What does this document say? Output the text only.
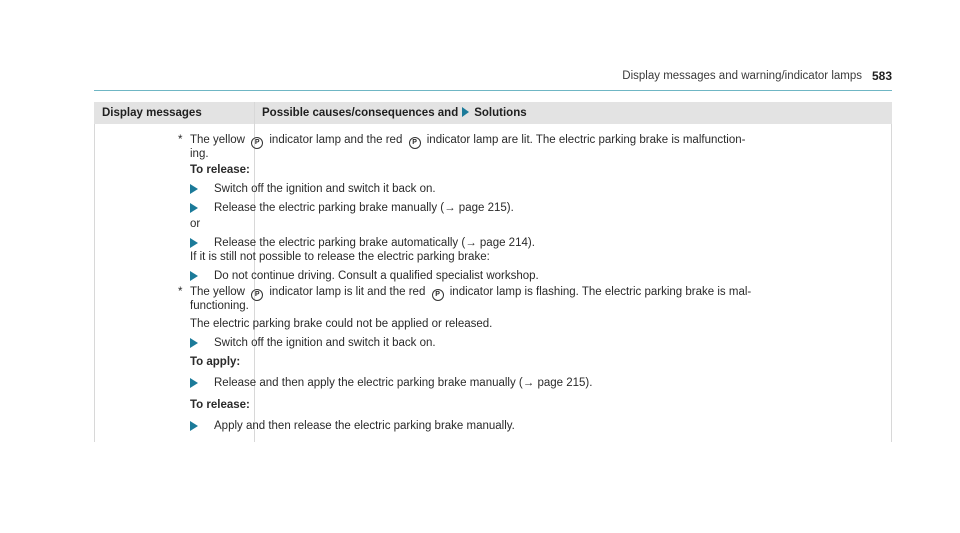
Display messages and warning/indicator lamps 583
Display messages	Possible causes/consequences and Solutions
* The yellow P indicator lamp and the red P indicator lamp are lit. The electric parking brake is malfunction-
ing.
To release:
Switch off the ignition and switch it back on.
Release the electric parking brake manually (→ page 215).
or
Release the electric parking brake automatically (→ page 214).
If it is still not possible to release the electric parking brake:
Do not continue driving. Consult a qualified specialist workshop.
* The yellow P indicator lamp is lit and the red P indicator lamp is flashing. The electric parking brake is mal-
functioning.
The electric parking brake could not be applied or released.
Switch off the ignition and switch it back on.
To apply:
Release and then apply the electric parking brake manually (→ page 215).
To release:
Apply and then release the electric parking brake manually.
